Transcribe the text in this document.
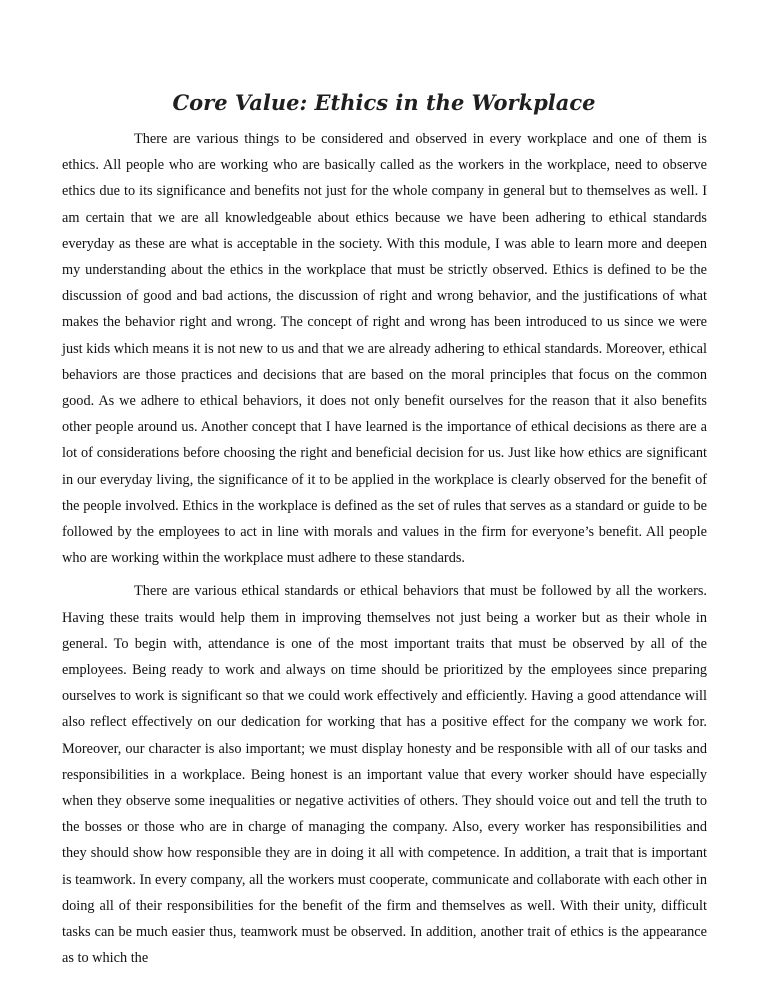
Core Value: Ethics in the Workplace

There are various things to be considered and observed in every workplace and one of them is ethics. All people who are working who are basically called as the workers in the workplace, need to observe ethics due to its significance and benefits not just for the whole company in general but to themselves as well. I am certain that we are all knowledgeable about ethics because we have been adhering to ethical standards everyday as these are what is acceptable in the society. With this module, I was able to learn more and deepen my understanding about the ethics in the workplace that must be strictly observed. Ethics is defined to be the discussion of good and bad actions, the discussion of right and wrong behavior, and the justifications of what makes the behavior right and wrong. The concept of right and wrong has been introduced to us since we were just kids which means it is not new to us and that we are already adhering to ethical standards. Moreover, ethical behaviors are those practices and decisions that are based on the moral principles that focus on the common good. As we adhere to ethical behaviors, it does not only benefit ourselves for the reason that it also benefits other people around us. Another concept that I have learned is the importance of ethical decisions as there are a lot of considerations before choosing the right and beneficial decision for us. Just like how ethics are significant in our everyday living, the significance of it to be applied in the workplace is clearly observed for the benefit of the people involved. Ethics in the workplace is defined as the set of rules that serves as a standard or guide to be followed by the employees to act in line with morals and values in the firm for everyone’s benefit. All people who are working within the workplace must adhere to these standards.

There are various ethical standards or ethical behaviors that must be followed by all the workers. Having these traits would help them in improving themselves not just being a worker but as their whole in general. To begin with, attendance is one of the most important traits that must be observed by all of the employees. Being ready to work and always on time should be prioritized by the employees since preparing ourselves to work is significant so that we could work effectively and efficiently. Having a good attendance will also reflect effectively on our dedication for working that has a positive effect for the company we work for. Moreover, our character is also important; we must display honesty and be responsible with all of our tasks and responsibilities in a workplace. Being honest is an important value that every worker should have especially when they observe some inequalities or negative activities of others. They should voice out and tell the truth to the bosses or those who are in charge of managing the company. Also, every worker has responsibilities and they should show how responsible they are in doing it all with competence. In addition, a trait that is important is teamwork. In every company, all the workers must cooperate, communicate and collaborate with each other in doing all of their responsibilities for the benefit of the firm and themselves as well. With their unity, difficult tasks can be much easier thus, teamwork must be observed. In addition, another trait of ethics is the appearance as to which the
